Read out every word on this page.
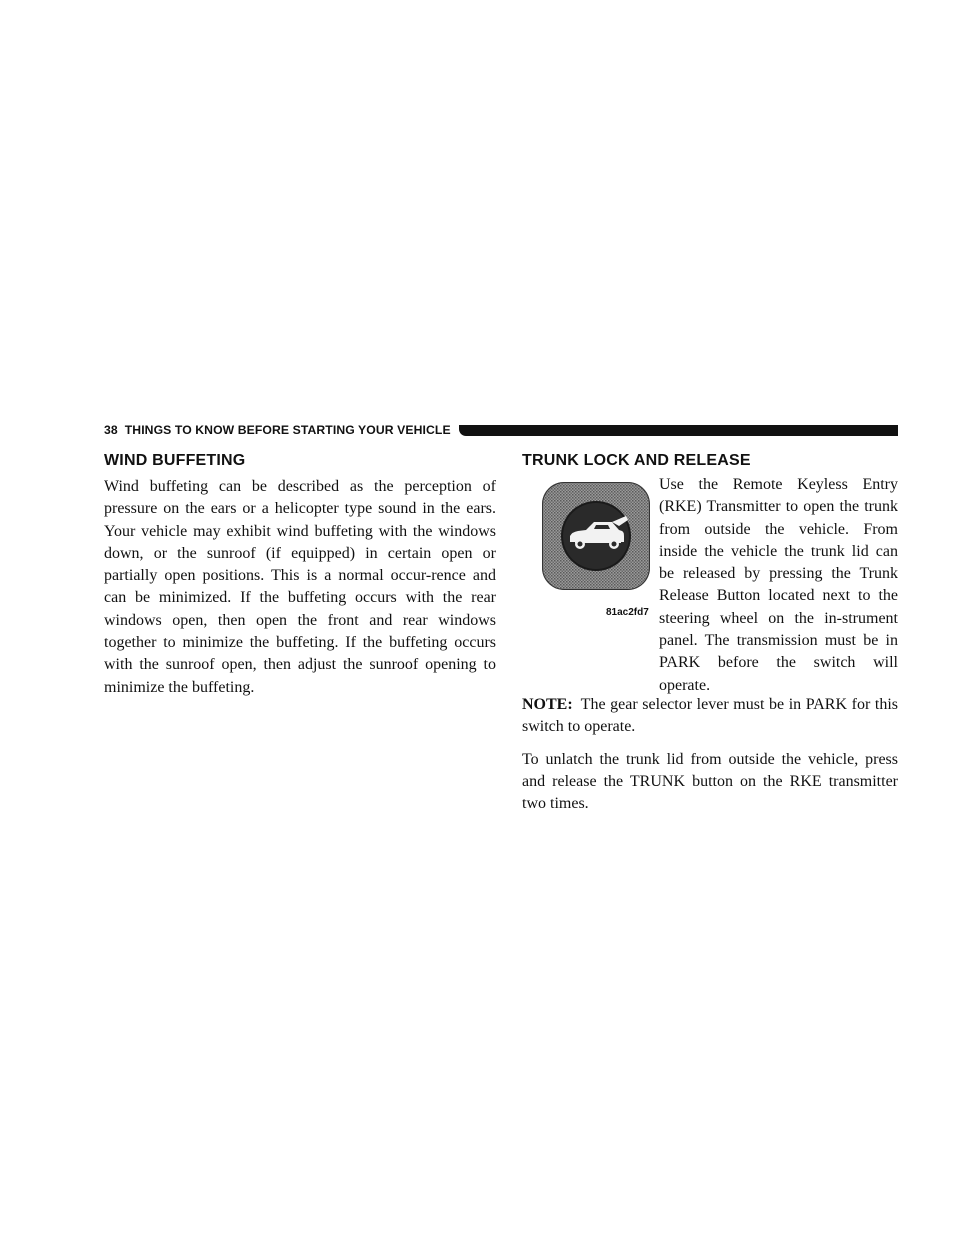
38 THINGS TO KNOW BEFORE STARTING YOUR VEHICLE
WIND BUFFETING

Wind buffeting can be described as the perception of pressure on the ears or a helicopter type sound in the ears. Your vehicle may exhibit wind buffeting with the windows down, or the sunroof (if equipped) in certain open or partially open positions. This is a normal occur-rence and can be minimized. If the buffeting occurs with the rear windows open, then open the front and rear windows together to minimize the buffeting. If the buffeting occurs with the sunroof open, then adjust the sunroof opening to minimize the buffeting.

TRUNK LOCK AND RELEASE
81ac2fd7

Use the Remote Keyless Entry (RKE) Transmitter to open the trunk from outside the vehicle. From inside the vehicle the trunk lid can be released by pressing the Trunk Release Button located next to the steering wheel on the in-strument panel. The transmission must be in PARK before the switch will operate.

NOTE: The gear selector lever must be in PARK for this switch to operate.

To unlatch the trunk lid from outside the vehicle, press and release the TRUNK button on the RKE transmitter two times.
